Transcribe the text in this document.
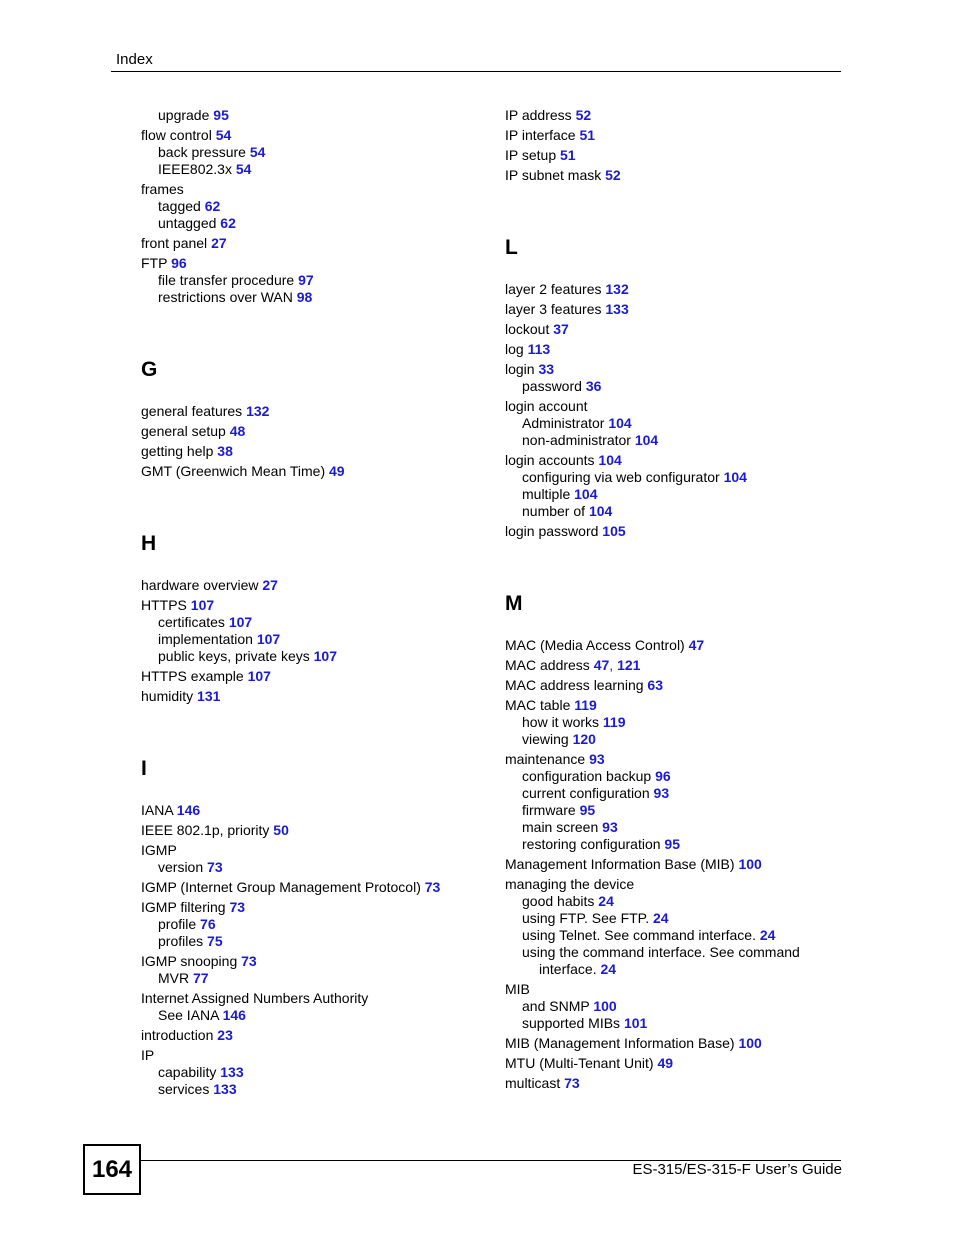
Index
upgrade 95
flow control 54
back pressure 54
IEEE802.3x 54
frames
tagged 62
untagged 62
front panel 27
FTP 96
file transfer procedure 97
restrictions over WAN 98
G
general features 132
general setup 48
getting help 38
GMT (Greenwich Mean Time) 49
H
hardware overview 27
HTTPS 107
certificates 107
implementation 107
public keys, private keys 107
HTTPS example 107
humidity 131
I
IANA 146
IEEE 802.1p, priority 50
IGMP
version 73
IGMP (Internet Group Management Protocol) 73
IGMP filtering 73
profile 76
profiles 75
IGMP snooping 73
MVR 77
Internet Assigned Numbers Authority
See IANA 146
introduction 23
IP
capability 133
services 133
IP address 52
IP interface 51
IP setup 51
IP subnet mask 52
L
layer 2 features 132
layer 3 features 133
lockout 37
log 113
login 33
password 36
login account
Administrator 104
non-administrator 104
login accounts 104
configuring via web configurator 104
multiple 104
number of 104
login password 105
M
MAC (Media Access Control) 47
MAC address 47, 121
MAC address learning 63
MAC table 119
how it works 119
viewing 120
maintenance 93
configuration backup 96
current configuration 93
firmware 95
main screen 93
restoring configuration 95
Management Information Base (MIB) 100
managing the device
good habits 24
using FTP. See FTP. 24
using Telnet. See command interface. 24
using the command interface. See command
interface. 24
MIB
and SNMP 100
supported MIBs 101
MIB (Management Information Base) 100
MTU (Multi-Tenant Unit) 49
multicast 73
164	ES-315/ES-315-F User’s Guide
